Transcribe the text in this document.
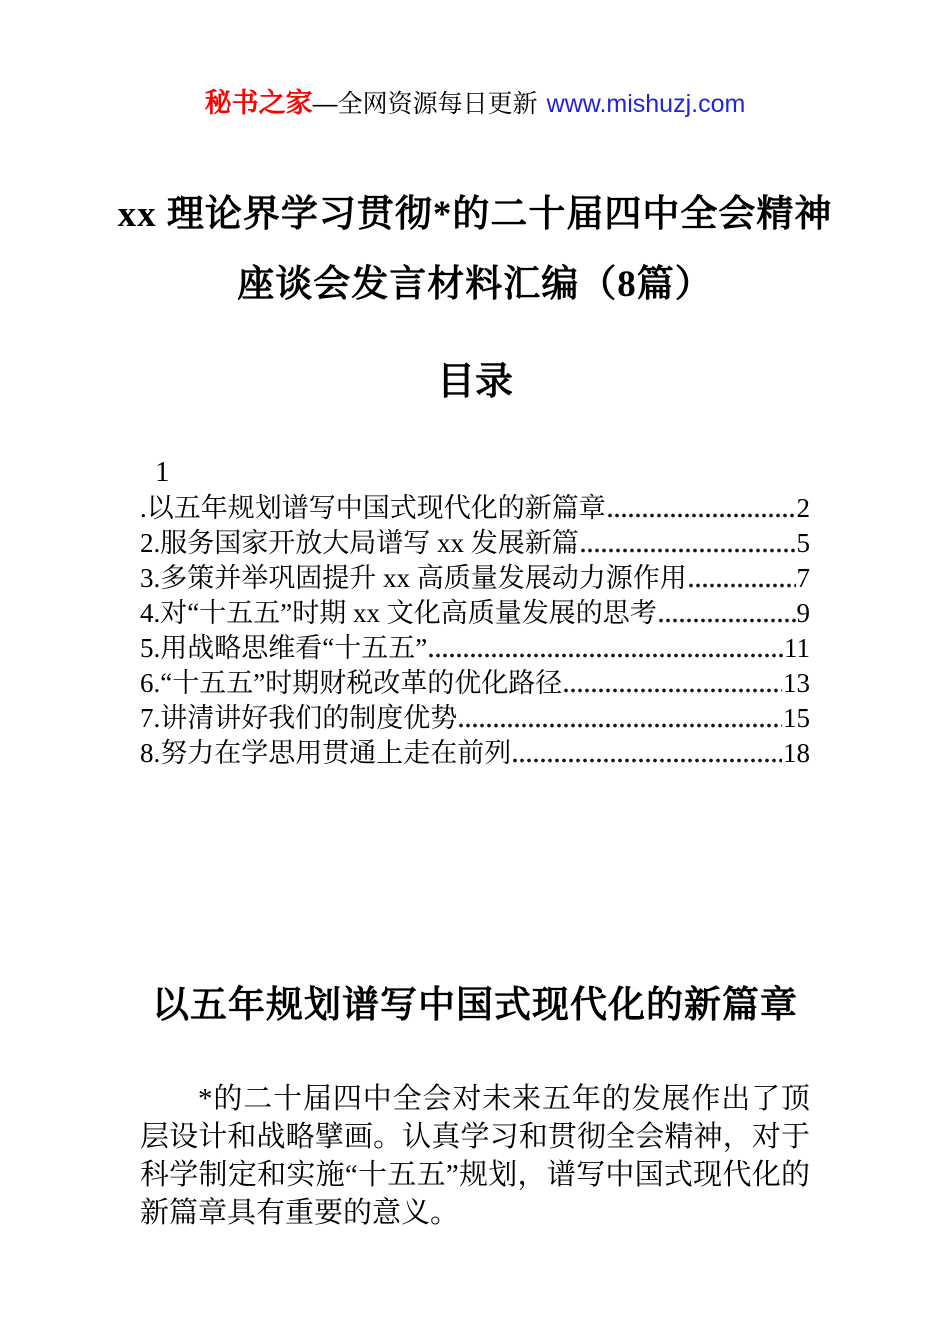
秘书之家—全网资源每日更新 www.mishuzj.com
xx 理论界学习贯彻*的二十届四中全会精神
座谈会发言材料汇编（8篇）
目录
1
.以五年规划谱写中国式现代化的新篇章	2
2.服务国家开放大局谱写 xx 发展新篇	5
3.多策并举巩固提升 xx 高质量发展动力源作用	7
4.对“十五五”时期 xx 文化高质量发展的思考	9
5.用战略思维看“十五五”	11
6.“十五五”时期财税改革的优化路径	13
7.讲清讲好我们的制度优势	15
8.努力在学思用贯通上走在前列	18
以五年规划谱写中国式现代化的新篇章
*的二十届四中全会对未来五年的发展作出了顶层设计和战略擘画。认真学习和贯彻全会精神，对于科学制定和实施“十五五”规划，谱写中国式现代化的新篇章具有重要的意义。
